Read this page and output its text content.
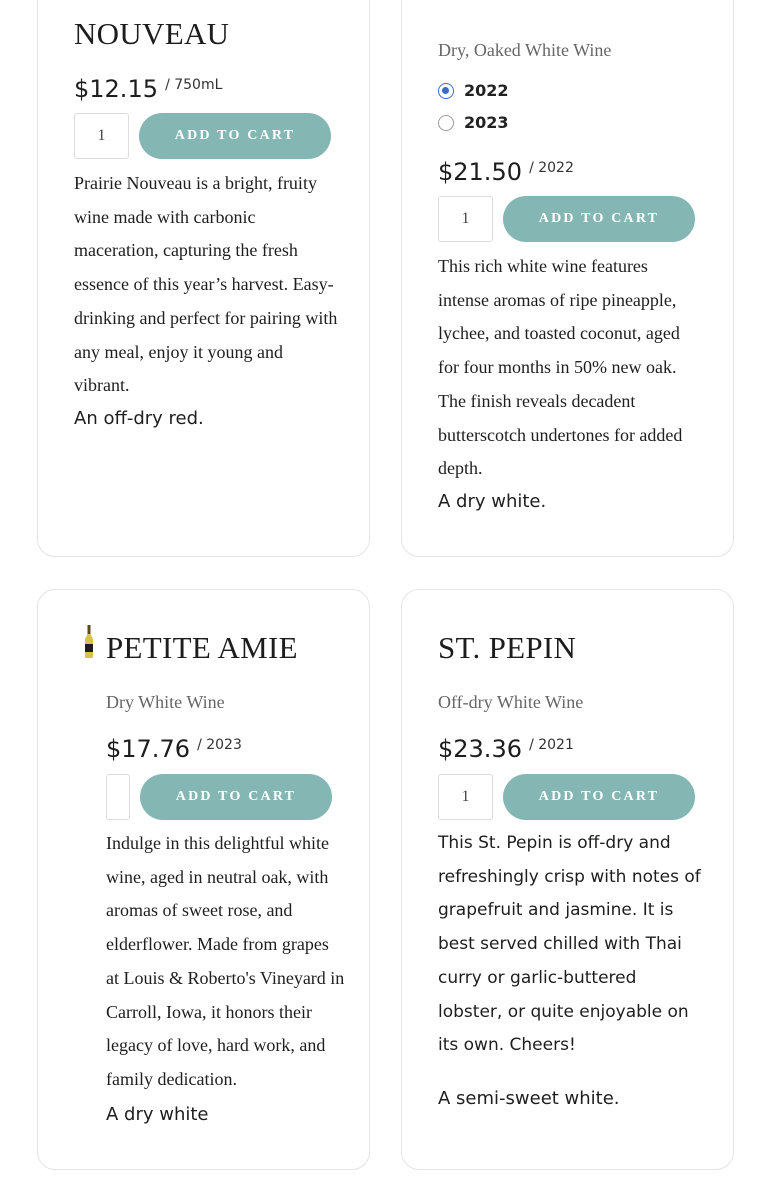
NOUVEAU
$12.15 / 750mL
1
ADD TO CART

Prairie Nouveau is a bright, fruity wine made with carbonic maceration, capturing the fresh essence of this year’s harvest. Easy-drinking and perfect for pairing with any meal, enjoy it young and vibrant.

An off-dry red.

Dry, Oaked White Wine

2022
2023
$21.50 / 2022
1
ADD TO CART

This rich white wine features intense aromas of ripe pineapple, lychee, and toasted coconut, aged for four months in 50% new oak. The finish reveals decadent butterscotch undertones for added depth.

A dry white.

PETITE AMIE

Dry White Wine

$17.76 / 2023
ADD TO CART

Indulge in this delightful white wine, aged in neutral oak, with aromas of sweet rose, and elderflower. Made from grapes at Louis & Roberto's Vineyard in Carroll, Iowa, it honors their legacy of love, hard work, and family dedication.

A dry white

ST. PEPIN

Off-dry White Wine

$23.36 / 2021
1
ADD TO CART

This St. Pepin is off-dry and refreshingly crisp with notes of grapefruit and jasmine. It is best served chilled with Thai curry or garlic-buttered lobster, or quite enjoyable on its own. Cheers!

A semi-sweet white.
